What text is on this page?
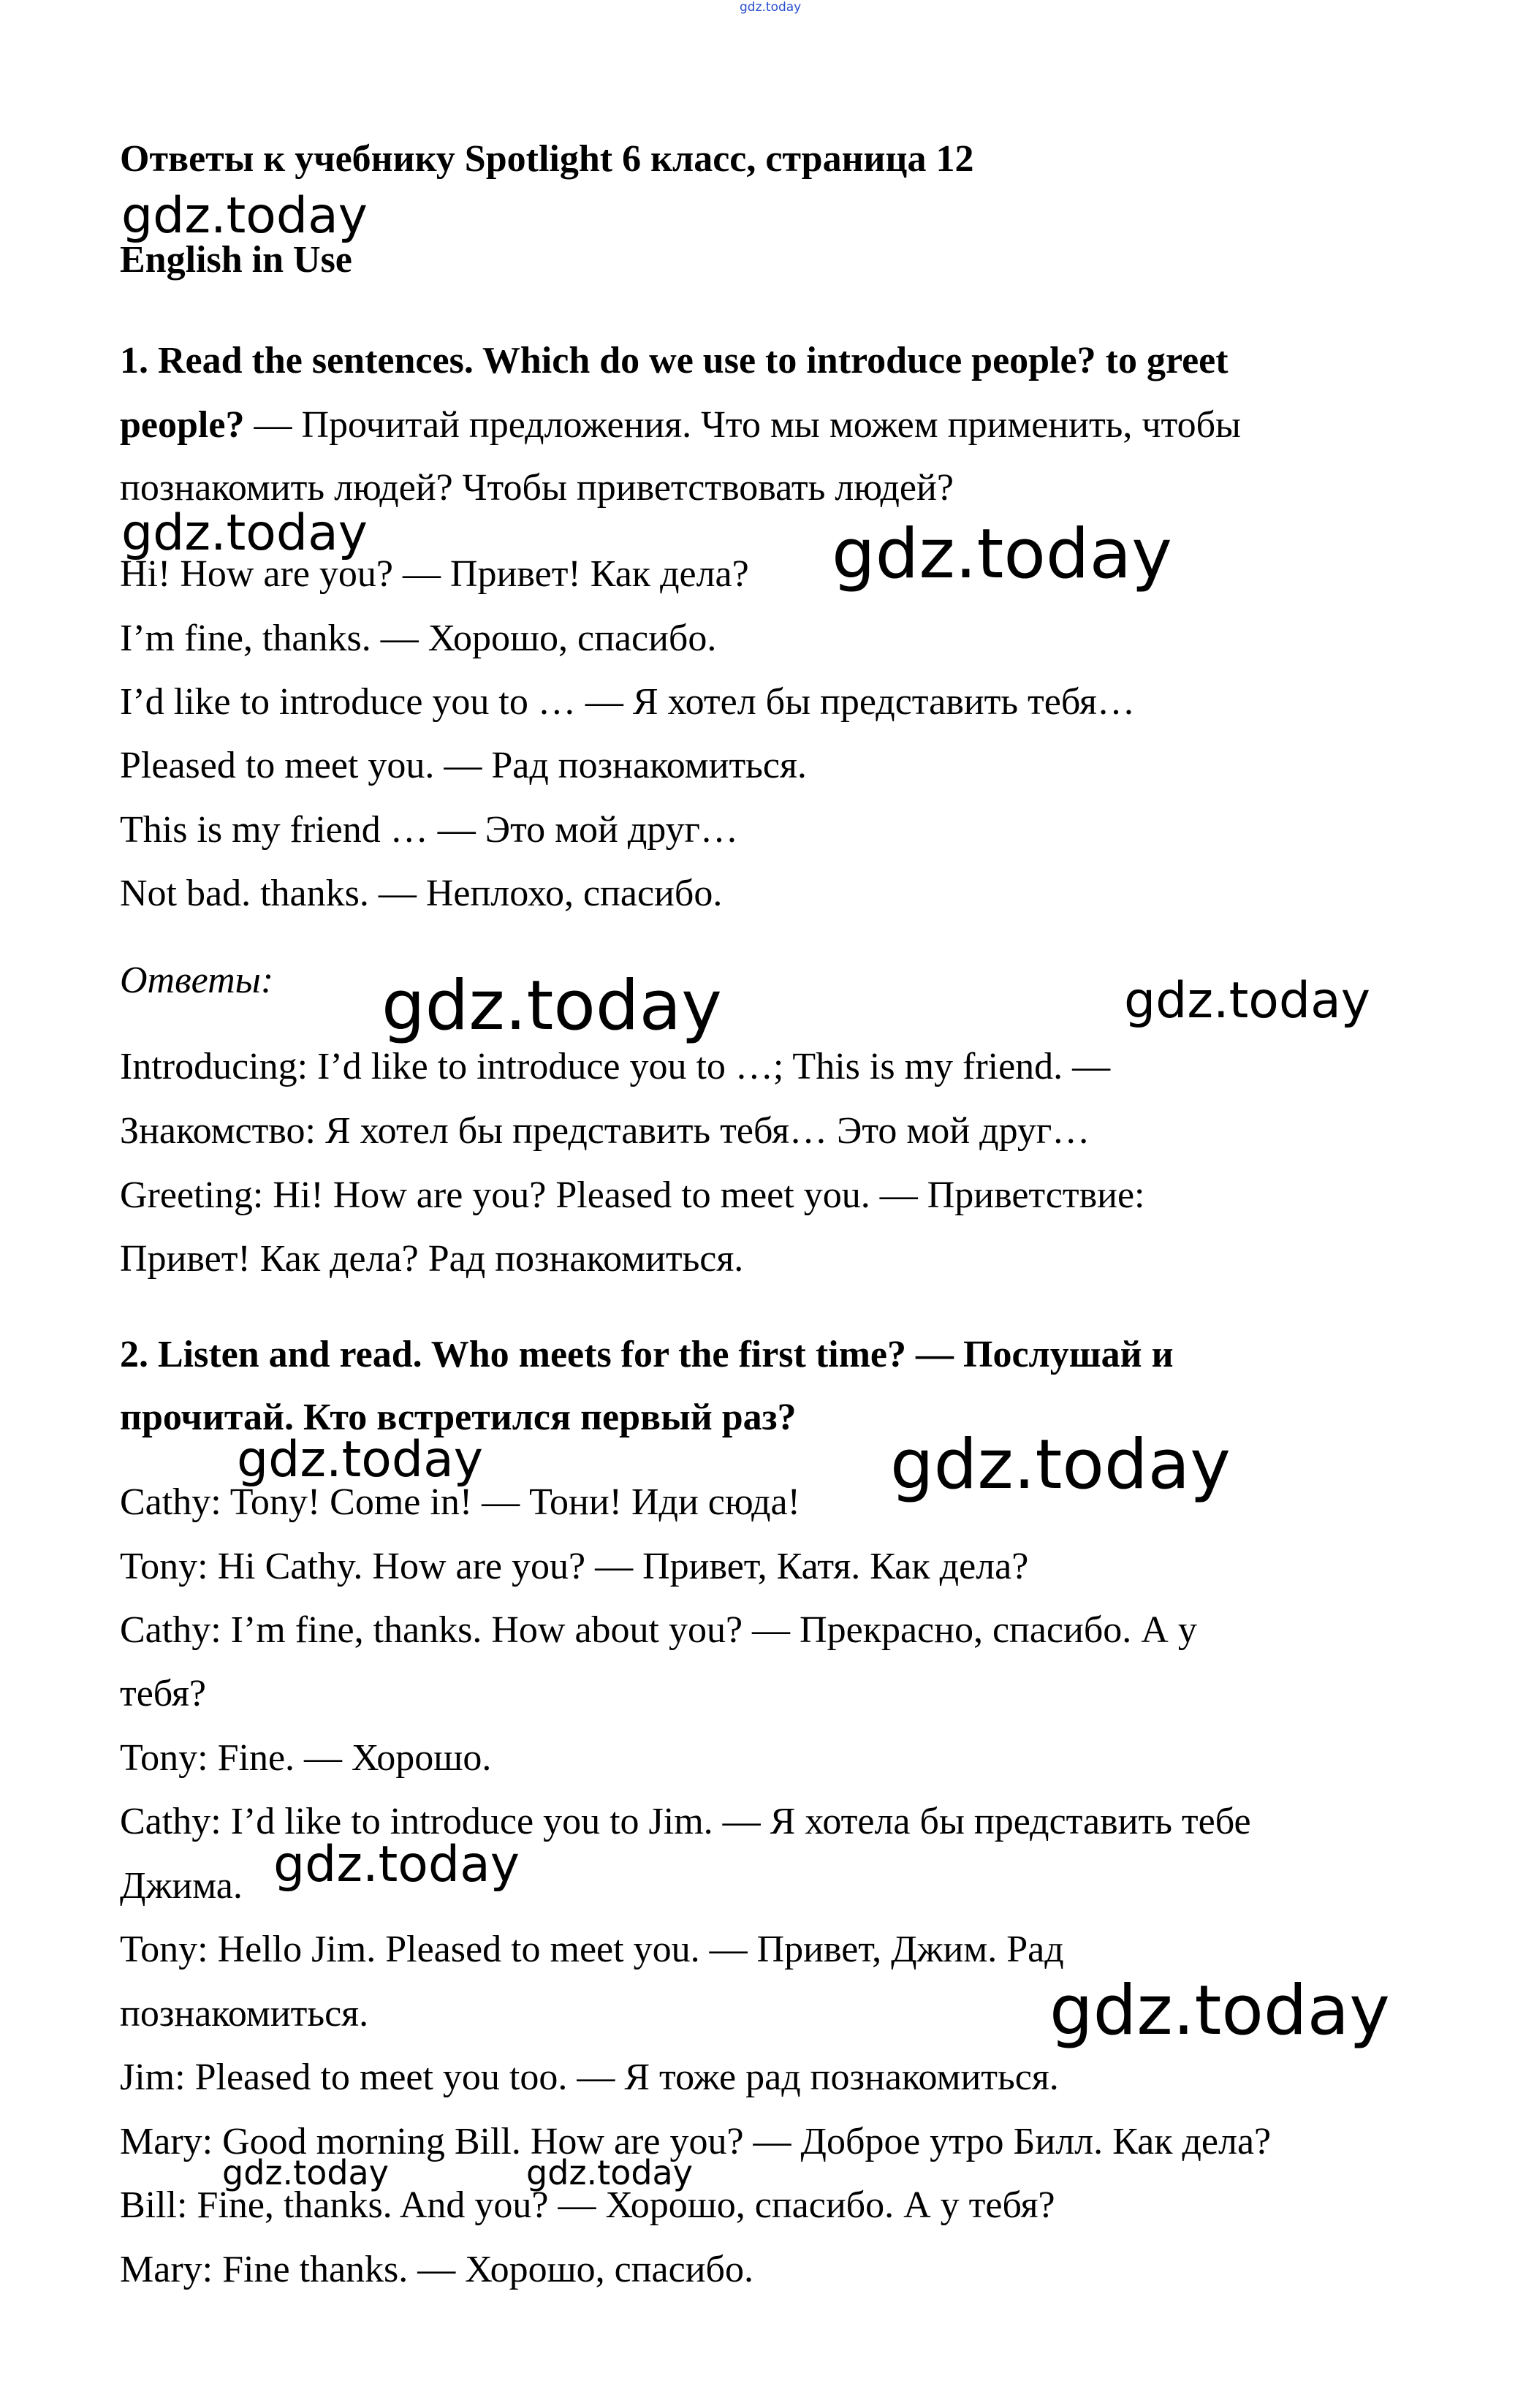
gdz.today
gdz.today
gdz.today	gdz.today
gdz.today	gdz.today
gdz.today	gdz.today
gdz.today
gdz.today
gdz.today	gdz.today
Ответы к учебнику Spotlight 6 класс, страница 12
English in Use
1. Read the sentences. Which do we use to introduce people? to greet
people? — Прочитай предложения. Что мы можем применить, чтобы
познакомить людей? Чтобы приветствовать людей?
Hi! How are you? — Привет! Как дела?
I’m fine, thanks. — Хорошо, спасибо.
I’d like to introduce you to … — Я хотел бы представить тебя…
Pleased to meet you. — Рад познакомиться.
This is my friend … — Это мой друг…
Not bad. thanks. — Неплохо, спасибо.
Ответы:
Introducing: I’d like to introduce you to …; This is my friend. —
Знакомство: Я хотел бы представить тебя… Это мой друг…
Greeting: Hi! How are you? Pleased to meet you. — Приветствие:
Привет! Как дела? Рад познакомиться.
2. Listen and read. Who meets for the first time? — Послушай и
прочитай. Кто встретился первый раз?
Cathy: Tony! Come in! — Тони! Иди сюда!
Tony: Hi Cathy. How are you? — Привет, Катя. Как дела?
Cathy: I’m fine, thanks. How about you? — Прекрасно, спасибо. А у
тебя?
Tony: Fine. — Хорошо.
Cathy: I’d like to introduce you to Jim. — Я хотела бы представить тебе
Джима.
Tony: Hello Jim. Pleased to meet you. — Привет, Джим. Рад
познакомиться.
Jim: Pleased to meet you too. — Я тоже рад познакомиться.
Mary: Good morning Bill. How are you? — Доброе утро Билл. Как дела?
Bill: Fine, thanks. And you? — Хорошо, спасибо. А у тебя?
Mary: Fine thanks. — Хорошо, спасибо.
